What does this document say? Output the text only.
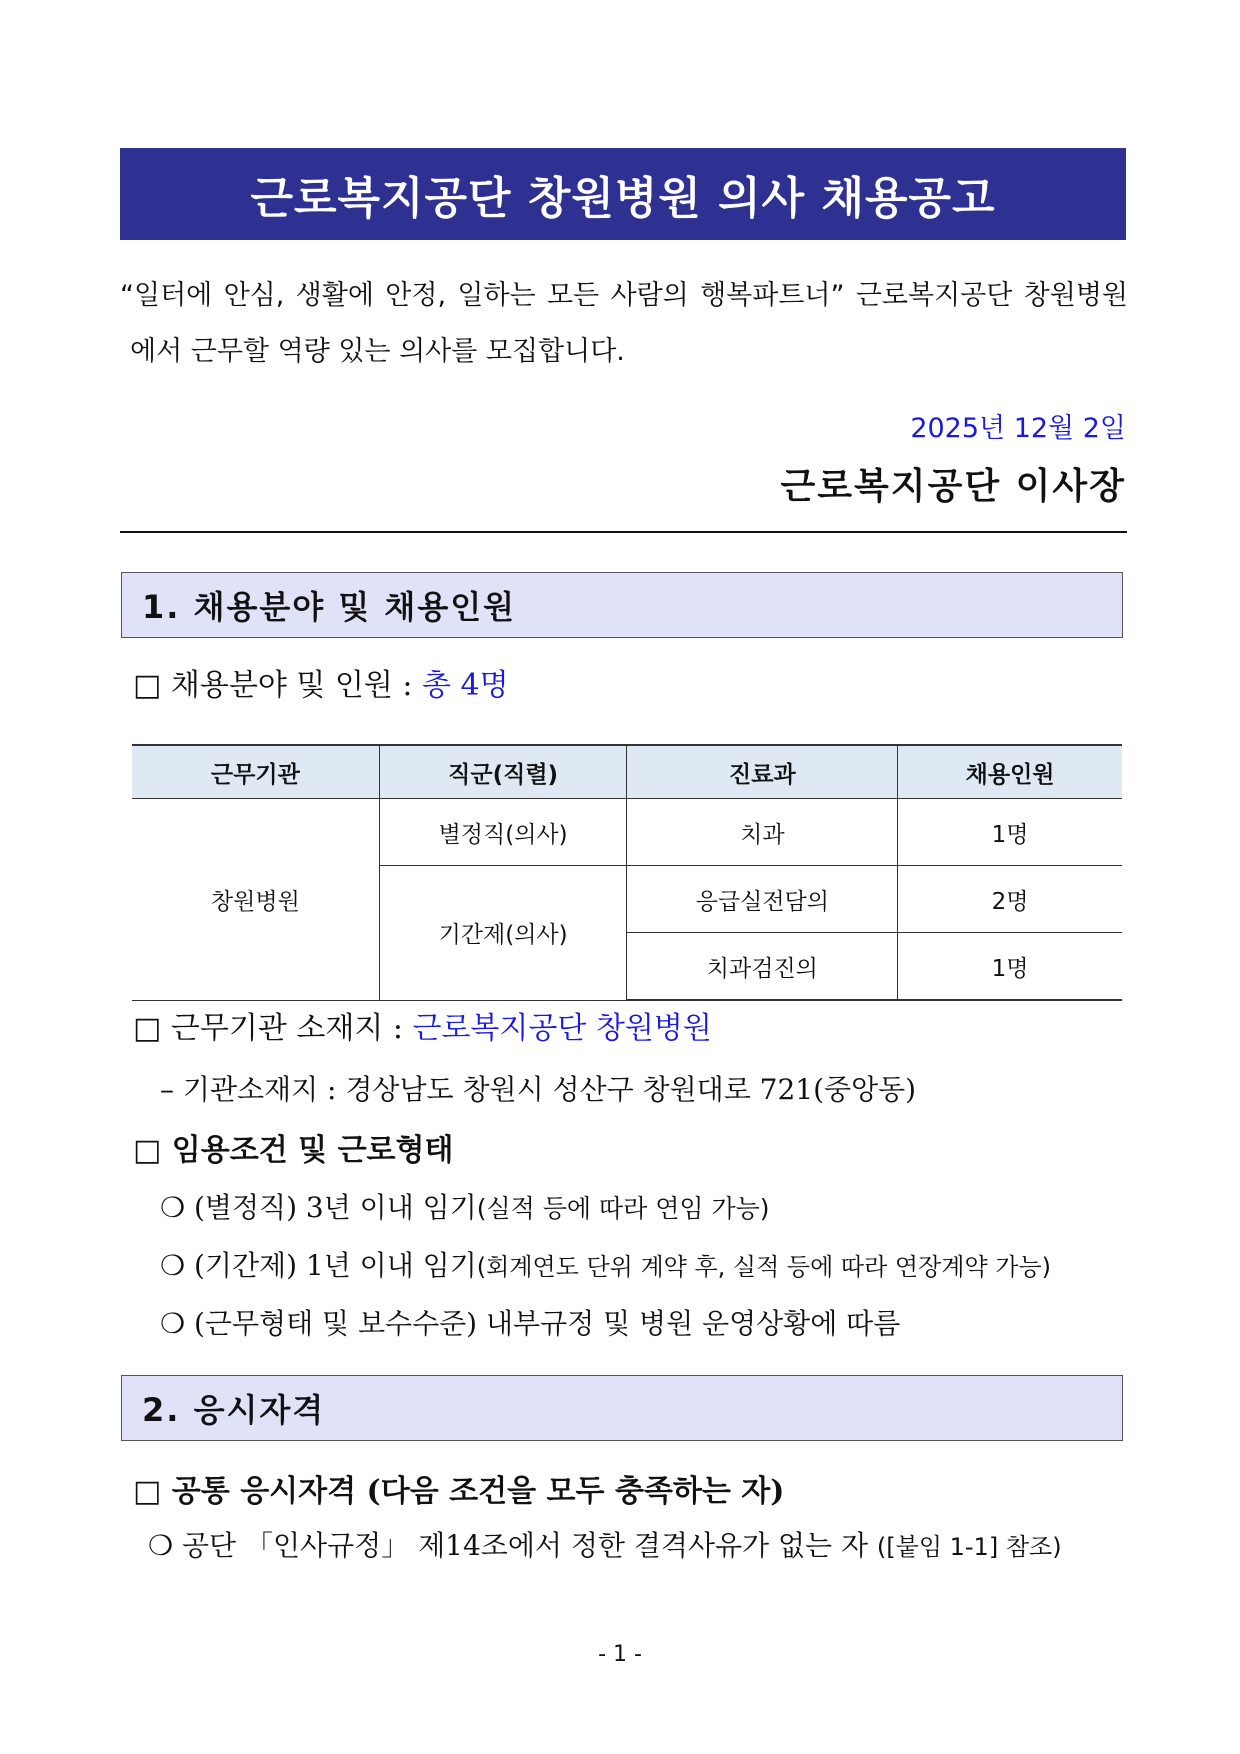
근로복지공단 창원병원 의사 채용공고

“일터에 안심, 생활에 안정, 일하는 모든 사람의 행복파트너” 근로복지공단 창원병원

에서 근무할 역량 있는 의사를 모집합니다.

2025년 12월 2일
근로복지공단 이사장
1. 채용분야 및 채용인원
□ 채용분야 및 인원 : 총 4명
근무기관	직군(직렬)	진료과	채용인원
창원병원	별정직(의사)	치과	1명
	기간제(의사)	응급실전담의	2명
		치과검진의	1명
□ 근무기관 소재지 : 근로복지공단 창원병원
– 기관소재지 : 경상남도 창원시 성산구 창원대로 721(중앙동)
□ 임용조건 및 근로형태
❍ (별정직) 3년 이내 임기(실적 등에 따라 연임 가능)
❍ (기간제) 1년 이내 임기(회계연도 단위 계약 후, 실적 등에 따라 연장계약 가능)
❍ (근무형태 및 보수수준) 내부규정 및 병원 운영상황에 따름
2. 응시자격
□ 공통 응시자격 (다음 조건을 모두 충족하는 자)
❍ 공단 「인사규정」 제14조에서 정한 결격사유가 없는 자 ([붙임 1-1] 참조)
- 1 -
